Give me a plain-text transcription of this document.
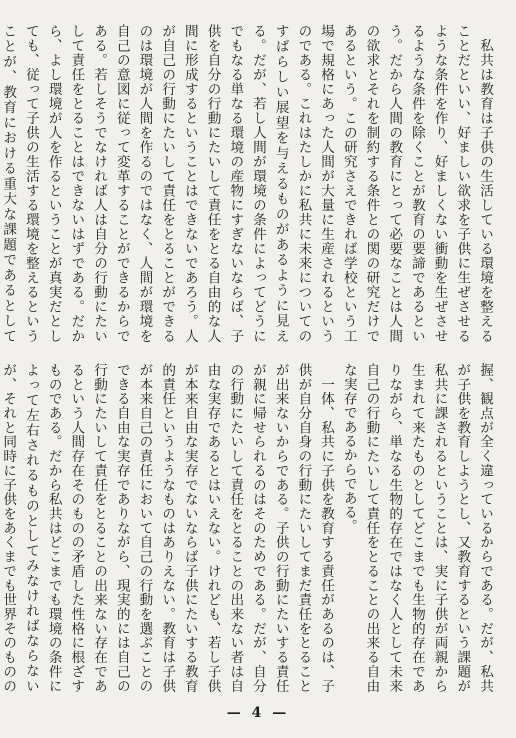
　私共は教育は子供の生活している環境を整えることだといい、好ましい欲求を子供に生ぜさせるような条件を作り、好ましくない衝動を生ぜさせるような条件を除くことが教育の要諦であるという。だから人間の教育にとって必要なことは人間の欲求とそれを制約する条件との関の研究だけであるという。この研究さえできれば学校という工場で規格にあった人間が大量に生産されるというのである。これはたしかに私共に未来についてのすばらしい展望を与えるものがあるように見える。だが、若し人間が環境の条件によってどうにでもなる単なる環境の産物にすぎないならば、子供を自分の行動にたいして責任をとる自由的な人間に形成するということはできないであろう。人が自己の行動にたいして責任をとることができるのは環境が人間を作るのではなく、人間が環境を自己の意図に従って変革することができるからである。若しそうでなければ人は自分の行動にたいして責任をとることはできないはずである。だから、よし環境が人を作るということが真実だとしても、従って子供の生活する環境を整えるということが、教育における重大な課題であるとして
握、観点が全く違っているからである。だが、私共が子供を教育しようとし、又教育するという課題が私共に課されるということは、実に子供が両親から生まれて来たものとしてどこまでも生物的存在でありながら、単なる生物的存在ではなく人として未来自己の行動にたいして責任をとることの出来る自由な実存であるからである。
　一体、私共に子供を教育する責任があるのは、子供が自分自身の行動にたいしてまだ責任をとることが出来ないからである。子供の行動にたいする責任が親に帰せられるのはそのためである。だが、自分の行動にたいして責任をとることの出来ない者は自由な実存であるとはいえない。けれども、若し子供が本来自由な実存でないならば子供にたいする教育的責任というようなものはありえない。教育は子供が本来自己の責任において自己の行動を選ぶことのできる自由な実存でありながら、現実的には自己の行動にたいして責任をとることの出来ない存在であるという人間存在そのものの矛盾した性格に根ざすものである。だから私共はどこまでも環境の条件によって左右されるものとしてみなければならないが、それと同時に子供をあくまでも世界そのものの
— 4 —
